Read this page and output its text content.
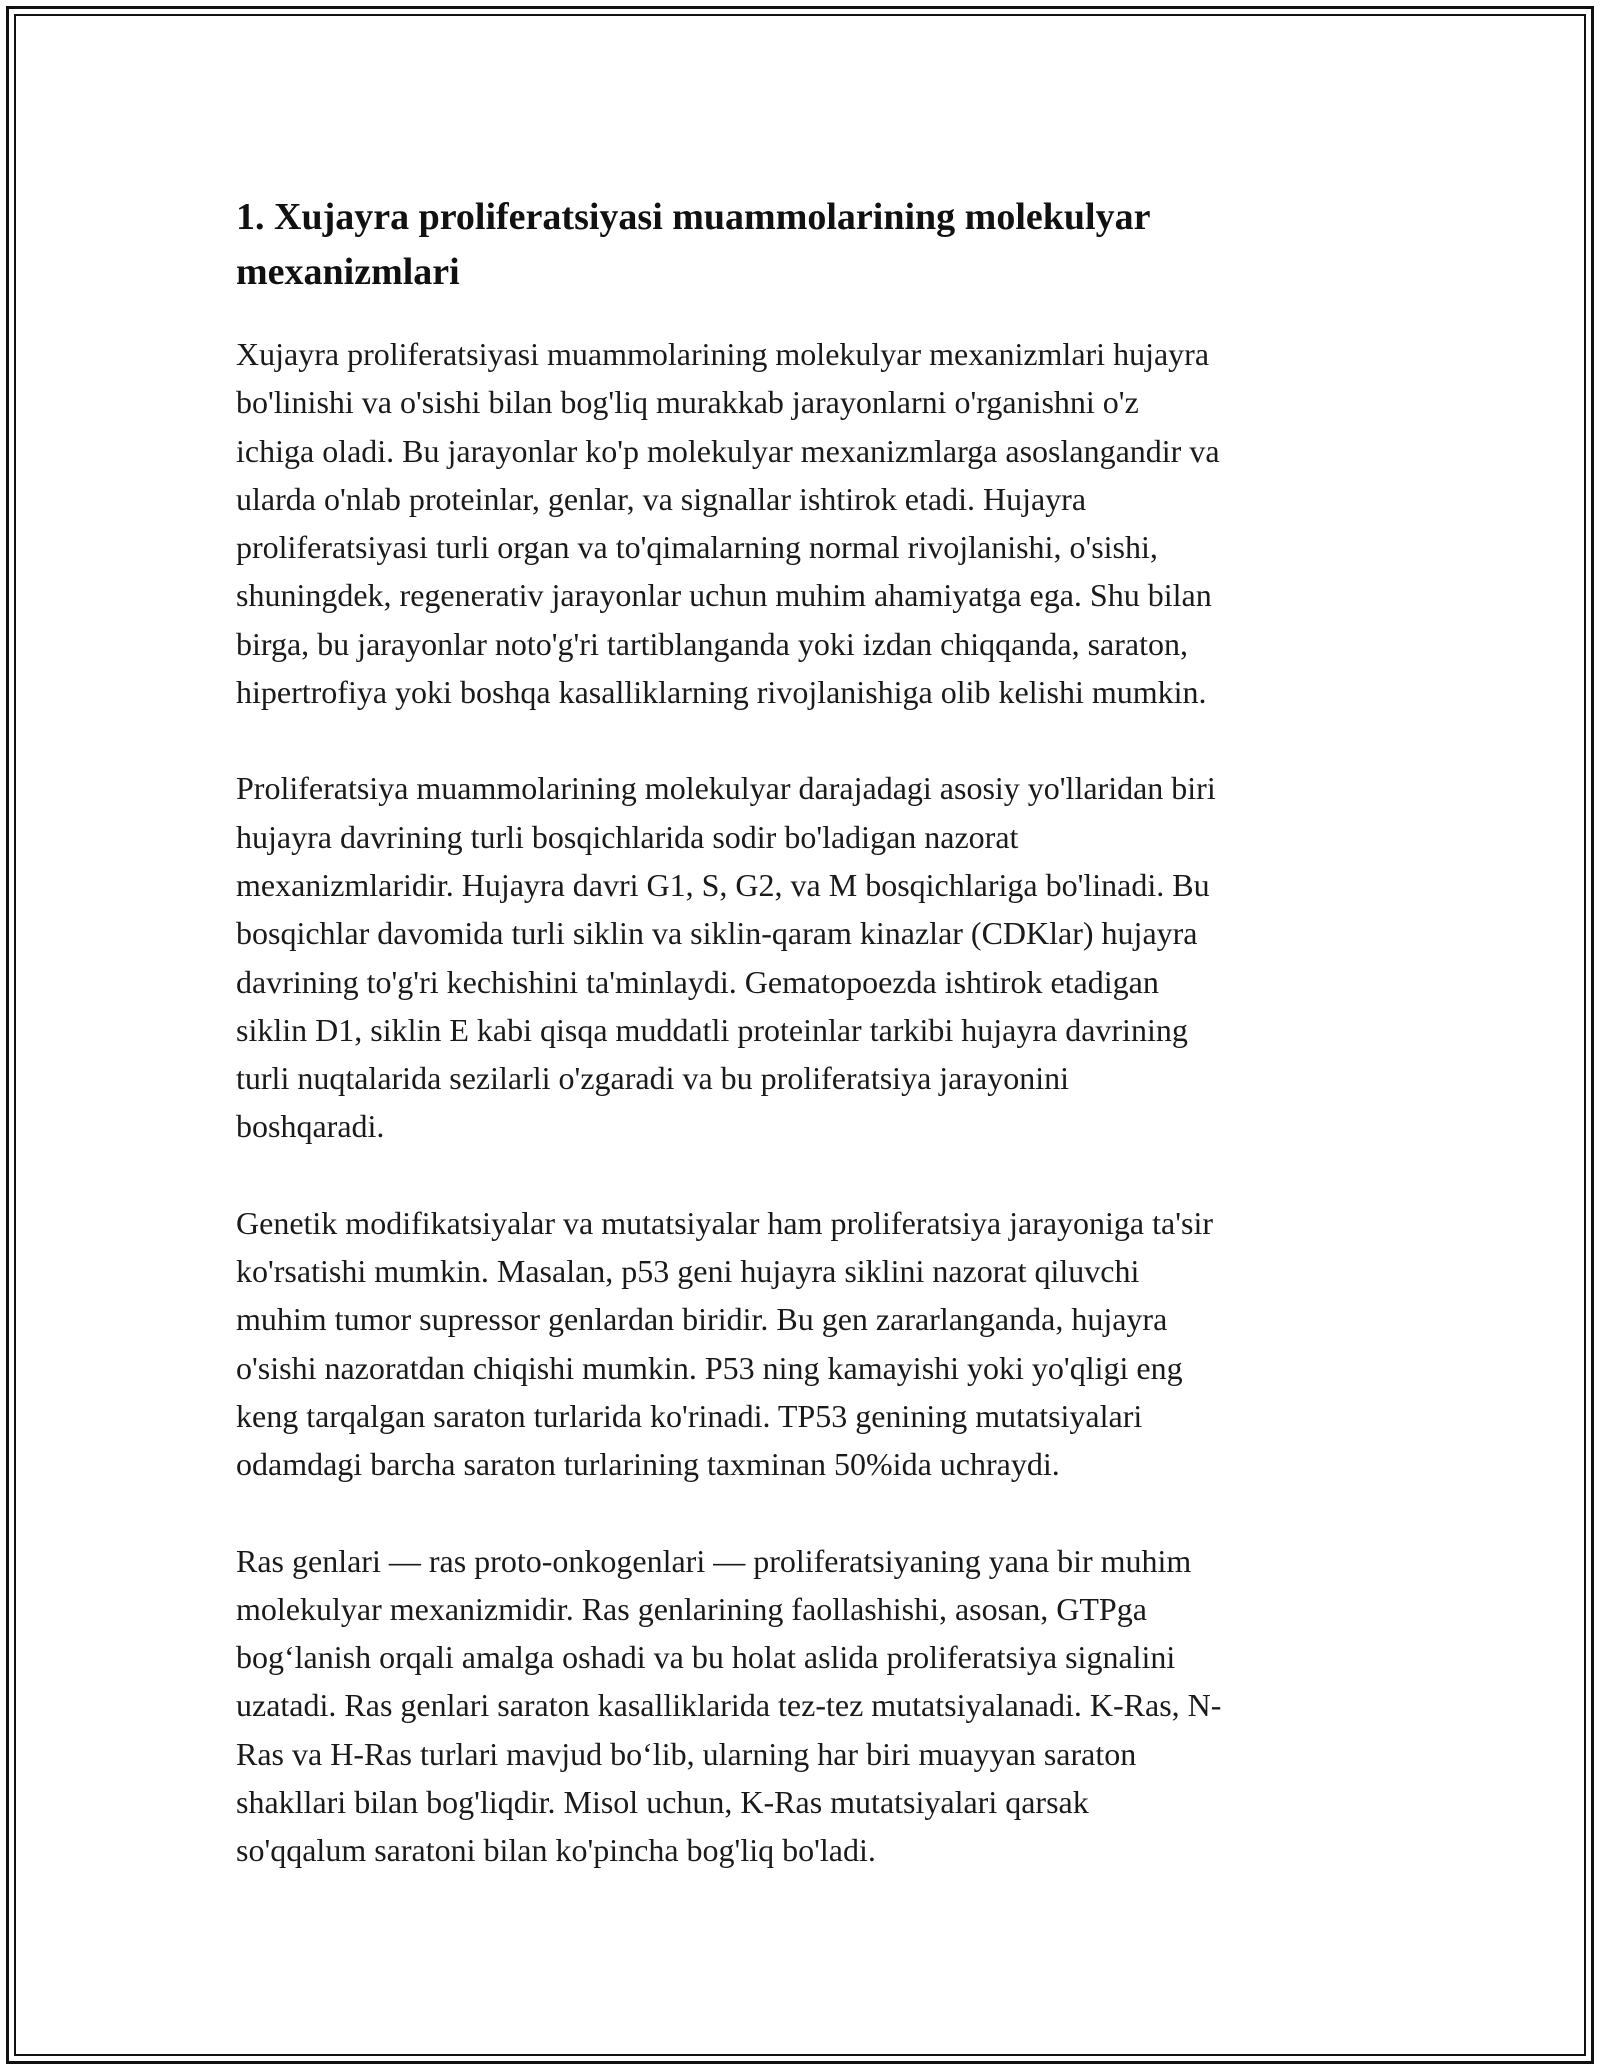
1. Xujayra proliferatsiyasi muammolarining molekulyar
mexanizmlari

Xujayra proliferatsiyasi muammolarining molekulyar mexanizmlari hujayra
bo'linishi va o'sishi bilan bog'liq murakkab jarayonlarni o'rganishni o'z
ichiga oladi. Bu jarayonlar ko'p molekulyar mexanizmlarga asoslangandir va
ularda o'nlab proteinlar, genlar, va signallar ishtirok etadi. Hujayra
proliferatsiyasi turli organ va to'qimalarning normal rivojlanishi, o'sishi,
shuningdek, regenerativ jarayonlar uchun muhim ahamiyatga ega. Shu bilan
birga, bu jarayonlar noto'g'ri tartiblanganda yoki izdan chiqqanda, saraton,
hipertrofiya yoki boshqa kasalliklarning rivojlanishiga olib kelishi mumkin.

Proliferatsiya muammolarining molekulyar darajadagi asosiy yo'llaridan biri
hujayra davrining turli bosqichlarida sodir bo'ladigan nazorat
mexanizmlaridir. Hujayra davri G1, S, G2, va M bosqichlariga bo'linadi. Bu
bosqichlar davomida turli siklin va siklin-qaram kinazlar (CDKlar) hujayra
davrining to'g'ri kechishini ta'minlaydi. Gematopoezda ishtirok etadigan
siklin D1, siklin E kabi qisqa muddatli proteinlar tarkibi hujayra davrining
turli nuqtalarida sezilarli o'zgaradi va bu proliferatsiya jarayonini
boshqaradi.

Genetik modifikatsiyalar va mutatsiyalar ham proliferatsiya jarayoniga ta'sir
ko'rsatishi mumkin. Masalan, p53 geni hujayra siklini nazorat qiluvchi
muhim tumor supressor genlardan biridir. Bu gen zararlanganda, hujayra
o'sishi nazoratdan chiqishi mumkin. P53 ning kamayishi yoki yo'qligi eng
keng tarqalgan saraton turlarida ko'rinadi. TP53 genining mutatsiyalari
odamdagi barcha saraton turlarining taxminan 50%ida uchraydi.

Ras genlari — ras proto-onkogenlari — proliferatsiyaning yana bir muhim
molekulyar mexanizmidir. Ras genlarining faollashishi, asosan, GTPga
bog‘lanish orqali amalga oshadi va bu holat aslida proliferatsiya signalini
uzatadi. Ras genlari saraton kasalliklarida tez-tez mutatsiyalanadi. K-Ras, N-
Ras va H-Ras turlari mavjud bo‘lib, ularning har biri muayyan saraton
shakllari bilan bog'liqdir. Misol uchun, K-Ras mutatsiyalari qarsak
so'qqalum saratoni bilan ko'pincha bog'liq bo'ladi.
